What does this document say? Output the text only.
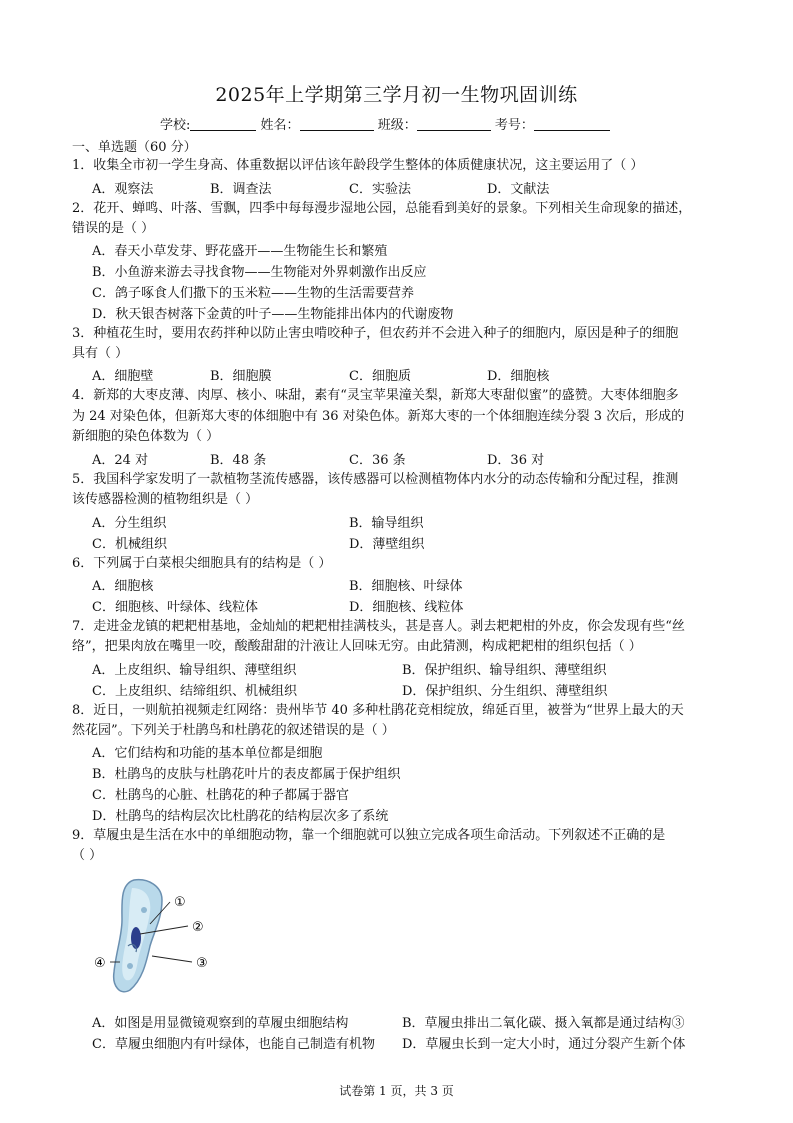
2025年上学期第三学月初一生物巩固训练
学校:	姓名：	班级：	考号：
一、单选题（60 分）
1．收集全市初一学生身高、体重数据以评估该年龄段学生整体的体质健康状况，这主要运用了（ ）
A．观察法	B．调查法	C．实验法	D．文献法
2．花开、蝉鸣、叶落、雪飘，四季中每每漫步湿地公园，总能看到美好的景象。下列相关生命现象的描述，
错误的是（ ）
A．春天小草发芽、野花盛开——生物能生长和繁殖
B．小鱼游来游去寻找食物——生物能对外界刺激作出反应
C．鸽子啄食人们撒下的玉米粒——生物的生活需要营养
D．秋天银杏树落下金黄的叶子——生物能排出体内的代谢废物
3．种植花生时，要用农药拌种以防止害虫啃咬种子，但农药并不会进入种子的细胞内，原因是种子的细胞
具有（ ）
A．细胞壁	B．细胞膜	C．细胞质	D．细胞核
4．新郑的大枣皮薄、肉厚、核小、味甜，素有“灵宝苹果潼关梨，新郑大枣甜似蜜”的盛赞。大枣体细胞多
为 24 对染色体，但新郑大枣的体细胞中有 36 对染色体。新郑大枣的一个体细胞连续分裂 3 次后，形成的
新细胞的染色体数为（ ）
A．24 对	B．48 条	C．36 条	D．36 对
5．我国科学家发明了一款植物茎流传感器，该传感器可以检测植物体内水分的动态传输和分配过程，推测
该传感器检测的植物组织是（ ）
A．分生组织	B．输导组织
C．机械组织	D．薄壁组织
6．下列属于白菜根尖细胞具有的结构是（ ）
A．细胞核	B．细胞核、叶绿体
C．细胞核、叶绿体、线粒体	D．细胞核、线粒体
7．走进金龙镇的耙耙柑基地，金灿灿的耙耙柑挂满枝头，甚是喜人。剥去耙耙柑的外皮，你会发现有些“丝
络”，把果肉放在嘴里一咬，酸酸甜甜的汁液让人回味无穷。由此猜测，构成耙耙柑的组织包括（ ）
A．上皮组织、输导组织、薄壁组织	B．保护组织、输导组织、薄壁组织
C．上皮组织、结缔组织、机械组织	D．保护组织、分生组织、薄壁组织
8．近日，一则航拍视频走红网络：贵州毕节 40 多种杜鹃花竞相绽放，绵延百里，被誉为“世界上最大的天
然花园”。下列关于杜鹃鸟和杜鹃花的叙述错误的是（ ）
A．它们结构和功能的基本单位都是细胞
B．杜鹃鸟的皮肤与杜鹃花叶片的表皮都属于保护组织
C．杜鹃鸟的心脏、杜鹃花的种子都属于器官
D．杜鹃鸟的结构层次比杜鹃花的结构层次多了系统
9．草履虫是生活在水中的单细胞动物，靠一个细胞就可以独立完成各项生命活动。下列叙述不正确的是
（ ）
①
②
③
④
A．如图是用显微镜观察到的草履虫细胞结构	B．草履虫排出二氧化碳、摄入氧都是通过结构③
C．草履虫细胞内有叶绿体，也能自己制造有机物 D．草履虫长到一定大小时，通过分裂产生新个体
试卷第 1 页，共 3 页
